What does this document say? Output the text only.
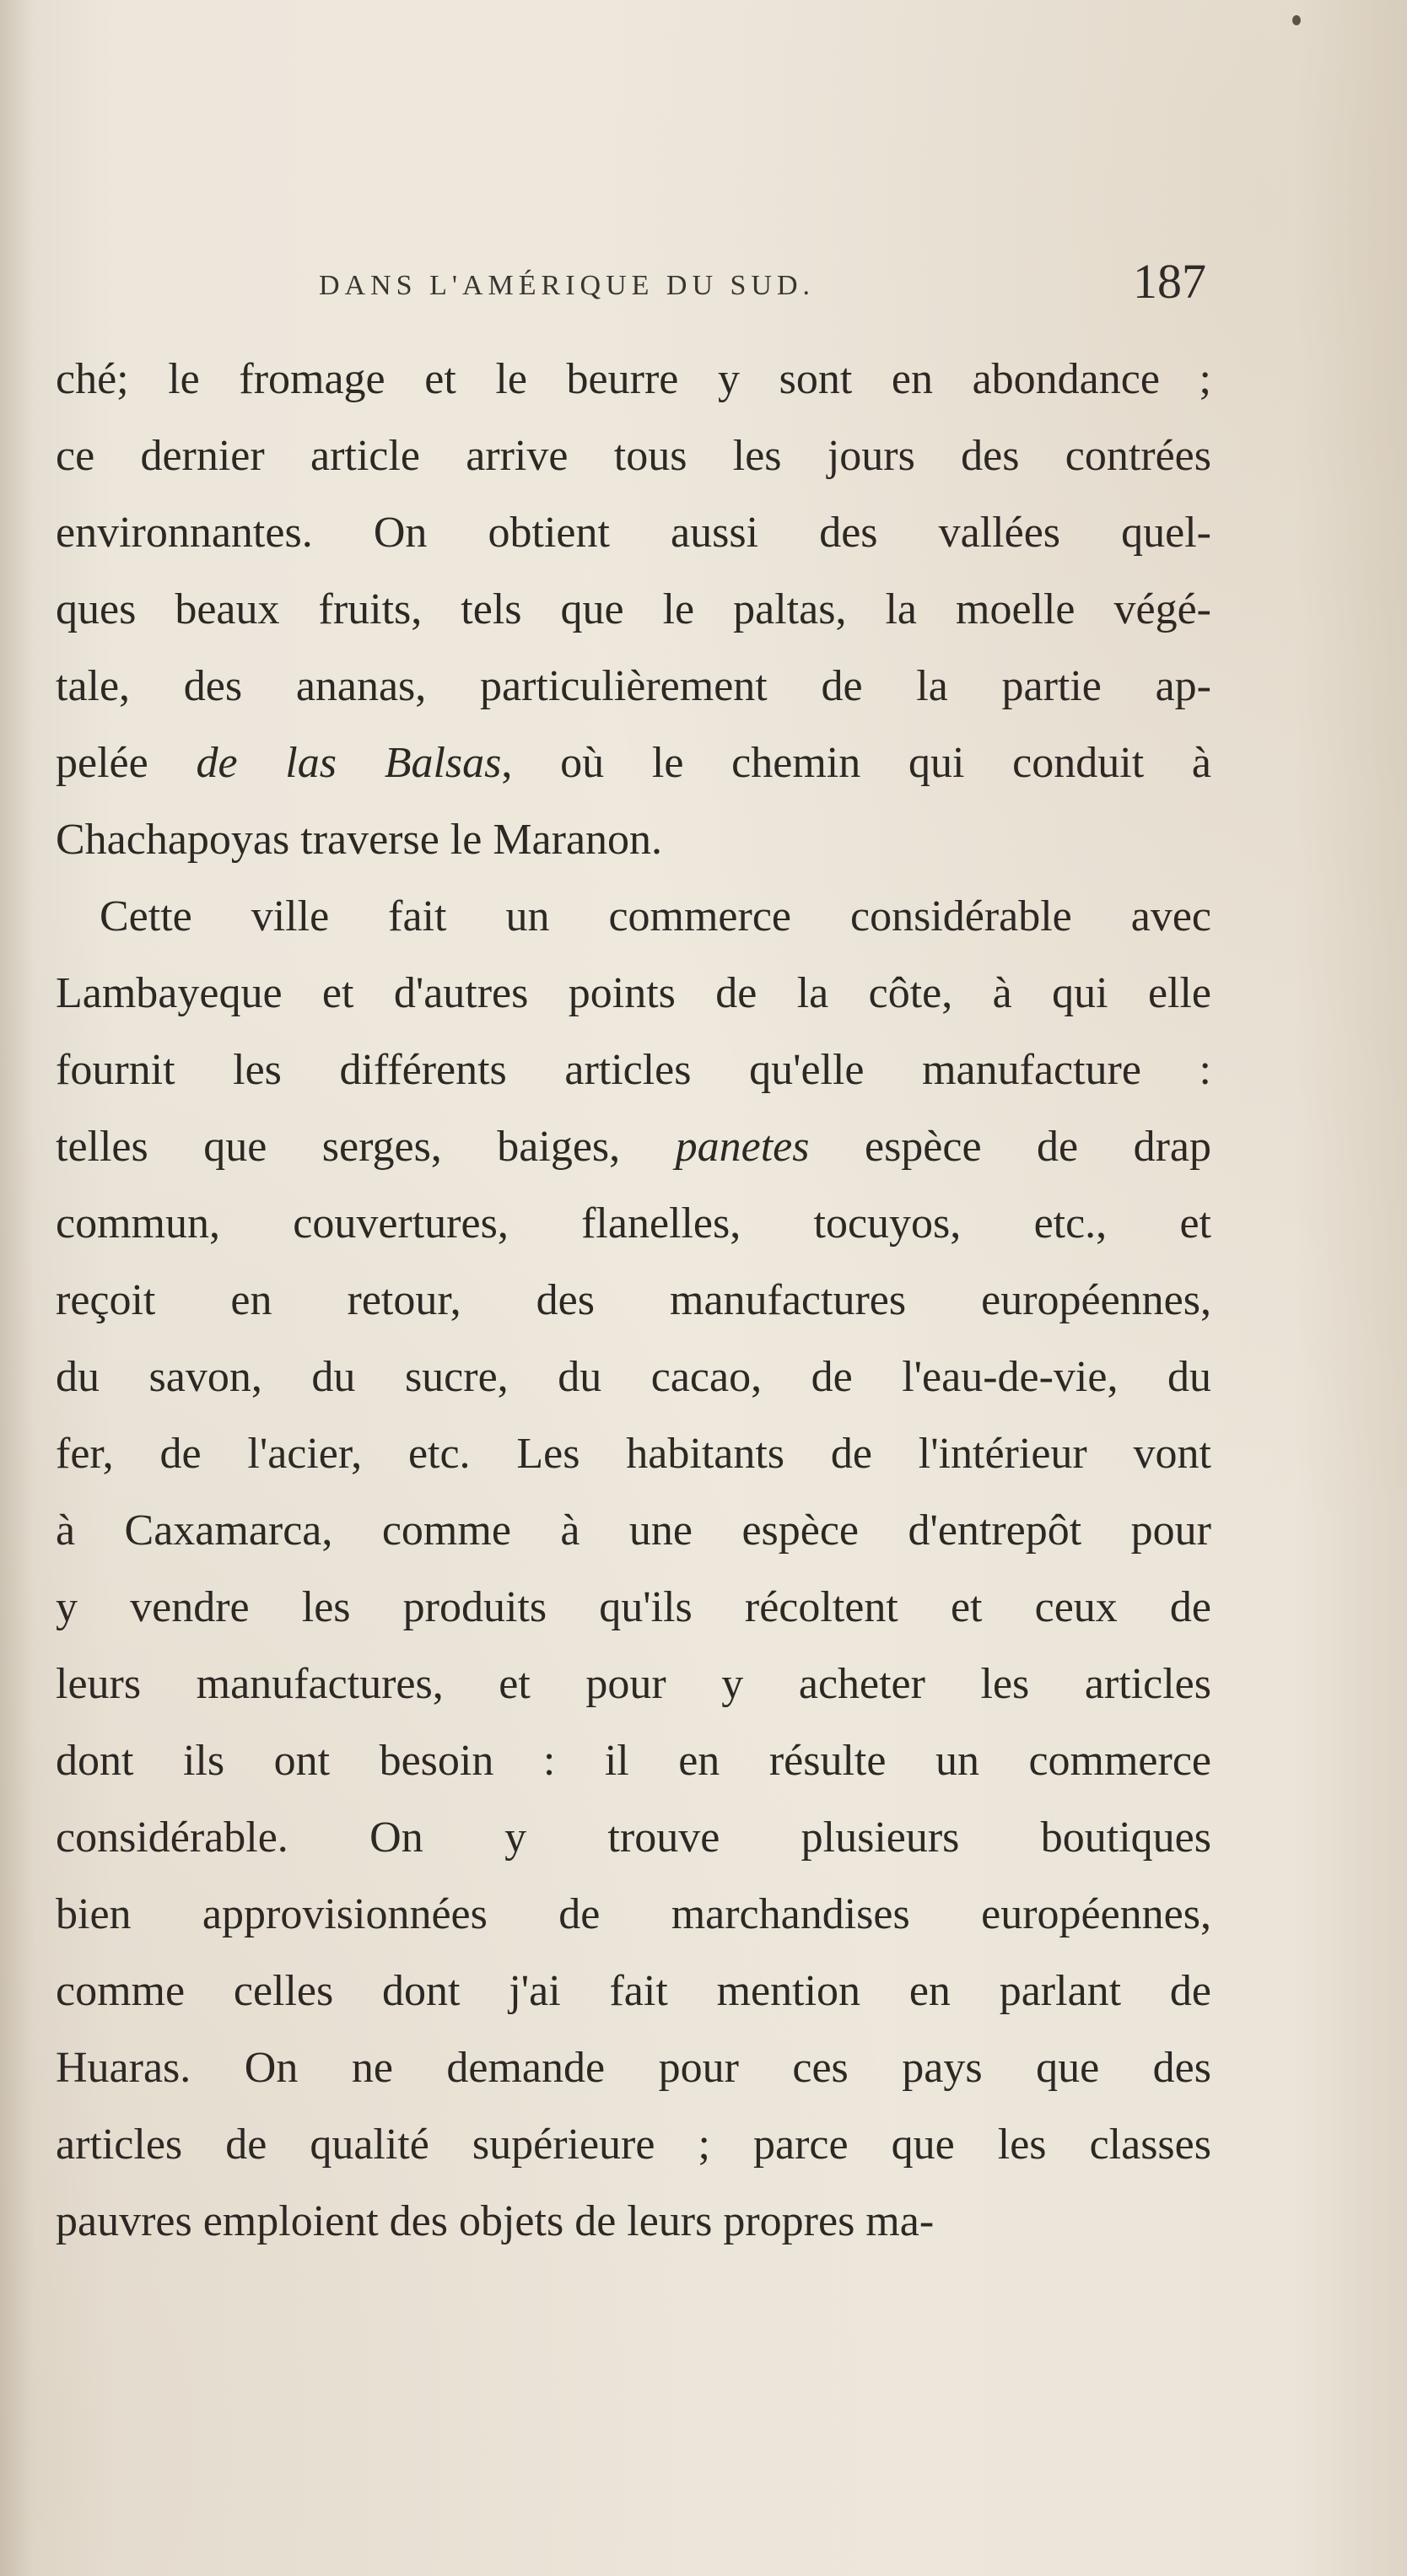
DANS L'AMÉRIQUE DU SUD.	187
ché; le fromage et le beurre y sont en abondance ;
ce dernier article arrive tous les jours des contrées
environnantes. On obtient aussi des vallées quel-
ques beaux fruits, tels que le paltas, la moelle végé-
tale, des ananas, particulièrement de la partie ap-
pelée de las Balsas, où le chemin qui conduit à
Chachapoyas traverse le Maranon.
Cette ville fait un commerce considérable avec
Lambayeque et d'autres points de la côte, à qui elle
fournit les différents articles qu'elle manufacture :
telles que serges, baiges, panetes espèce de drap
commun, couvertures, flanelles, tocuyos, etc., et
reçoit en retour, des manufactures européennes,
du savon, du sucre, du cacao, de l'eau-de-vie, du
fer, de l'acier, etc. Les habitants de l'intérieur vont
à Caxamarca, comme à une espèce d'entrepôt pour
y vendre les produits qu'ils récoltent et ceux de
leurs manufactures, et pour y acheter les articles
dont ils ont besoin : il en résulte un commerce
considérable. On y trouve plusieurs boutiques
bien approvisionnées de marchandises européennes,
comme celles dont j'ai fait mention en parlant de
Huaras. On ne demande pour ces pays que des
articles de qualité supérieure ; parce que les classes
pauvres emploient des objets de leurs propres ma-
